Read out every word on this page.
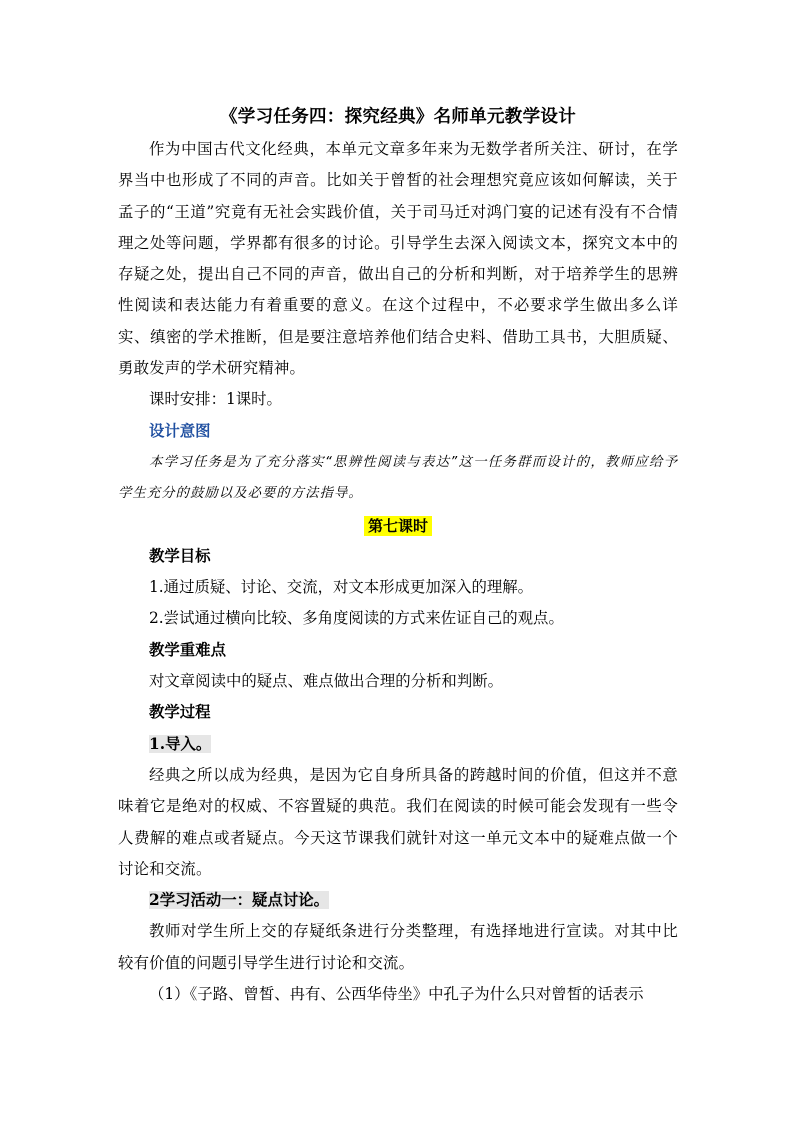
《学习任务四：探究经典》名师单元教学设计

作为中国古代文化经典，本单元文章多年来为无数学者所关注、研讨，在学界当中也形成了不同的声音。比如关于曾皙的社会理想究竟应该如何解读，关于孟子的“王道”究竟有无社会实践价值，关于司马迁对鸿门宴的记述有没有不合情理之处等问题，学界都有很多的讨论。引导学生去深入阅读文本，探究文本中的存疑之处，提出自己不同的声音，做出自己的分析和判断，对于培养学生的思辨性阅读和表达能力有着重要的意义。在这个过程中，不必要求学生做出多么详实、缜密的学术推断，但是要注意培养他们结合史料、借助工具书，大胆质疑、勇敢发声的学术研究精神。

课时安排：1课时。

设计意图

本学习任务是为了充分落实“思辨性阅读与表达”这一任务群而设计的，教师应给予学生充分的鼓励以及必要的方法指导。

第七课时

教学目标

1.通过质疑、讨论、交流，对文本形成更加深入的理解。

2.尝试通过横向比较、多角度阅读的方式来佐证自己的观点。

教学重难点

对文章阅读中的疑点、难点做出合理的分析和判断。

教学过程

1.导入。

经典之所以成为经典，是因为它自身所具备的跨越时间的价值，但这并不意味着它是绝对的权威、不容置疑的典范。我们在阅读的时候可能会发现有一些令人费解的难点或者疑点。今天这节课我们就针对这一单元文本中的疑难点做一个讨论和交流。

2学习活动一：疑点讨论。

教师对学生所上交的存疑纸条进行分类整理，有选择地进行宣读。对其中比较有价值的问题引导学生进行讨论和交流。

（1）《子路、曾皙、冉有、公西华侍坐》中孔子为什么只对曾皙的话表示
